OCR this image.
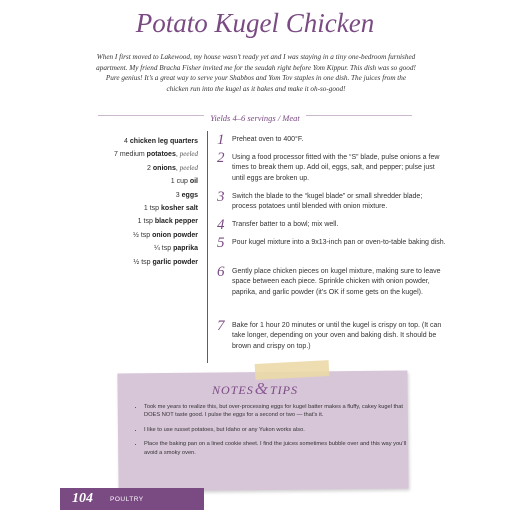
Potato Kugel Chicken
When I first moved to Lakewood, my house wasn’t ready yet and I was staying in a tiny one-bedroom furnished apartment. My friend Bracha Fisher invited me for the seudah right before Yom Kippur. This dish was so good! Pure genius! It’s a great way to serve your Shabbos and Yom Tov staples in one dish. The juices from the chicken run into the kugel as it bakes and make it oh-so-good!
Yields 4–6 servings / Meat
4 chicken leg quarters
7 medium potatoes, peeled
2 onions, peeled
1 cup oil
3 eggs
1 tsp kosher salt
1 tsp black pepper
½ tsp onion powder
¼ tsp paprika
½ tsp garlic powder
1 Preheat oven to 400°F.
2 Using a food processor fitted with the “S” blade, pulse onions a few times to break them up. Add oil, eggs, salt, and pepper; pulse just until eggs are broken up.
3 Switch the blade to the “kugel blade” or small shredder blade; process potatoes until blended with onion mixture.
4 Transfer batter to a bowl; mix well.
5 Pour kugel mixture into a 9x13-inch pan or oven-to-table baking dish.
6 Gently place chicken pieces on kugel mixture, making sure to leave space between each piece. Sprinkle chicken with onion powder, paprika, and garlic powder (it’s OK if some gets on the kugel).
7 Bake for 1 hour 20 minutes or until the kugel is crispy on top. (It can take longer, depending on your oven and baking dish. It should be brown and crispy on top.)
NOTES&TIPS
• Took me years to realize this, but over-processing eggs for kugel batter makes a fluffy, cakey kugel that DOES NOT taste good. I pulse the eggs for a second or two — that’s it.
• I like to use russet potatoes, but Idaho or any Yukon works also.
• Place the baking pan on a lined cookie sheet. I find the juices sometimes bubble over and this way you’ll avoid a smoky oven.
104	POULTRY
